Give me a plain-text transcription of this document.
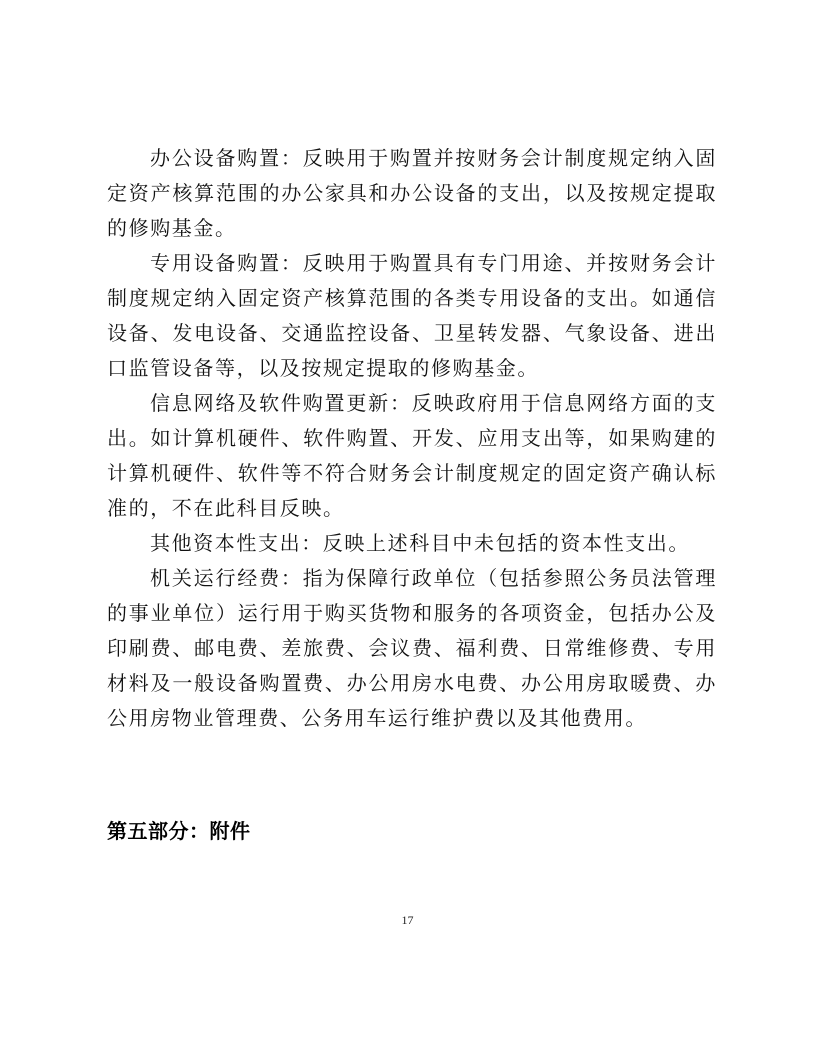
办公设备购置：反映用于购置并按财务会计制度规定纳入固定资产核算范围的办公家具和办公设备的支出，以及按规定提取的修购基金。

专用设备购置：反映用于购置具有专门用途、并按财务会计制度规定纳入固定资产核算范围的各类专用设备的支出。如通信设备、发电设备、交通监控设备、卫星转发器、气象设备、进出口监管设备等，以及按规定提取的修购基金。

信息网络及软件购置更新：反映政府用于信息网络方面的支出。如计算机硬件、软件购置、开发、应用支出等，如果购建的计算机硬件、软件等不符合财务会计制度规定的固定资产确认标准的，不在此科目反映。

其他资本性支出：反映上述科目中未包括的资本性支出。

机关运行经费：指为保障行政单位（包括参照公务员法管理的事业单位）运行用于购买货物和服务的各项资金，包括办公及印刷费、邮电费、差旅费、会议费、福利费、日常维修费、专用材料及一般设备购置费、办公用房水电费、办公用房取暖费、办公用房物业管理费、公务用车运行维护费以及其他费用。

第五部分：附件
17
